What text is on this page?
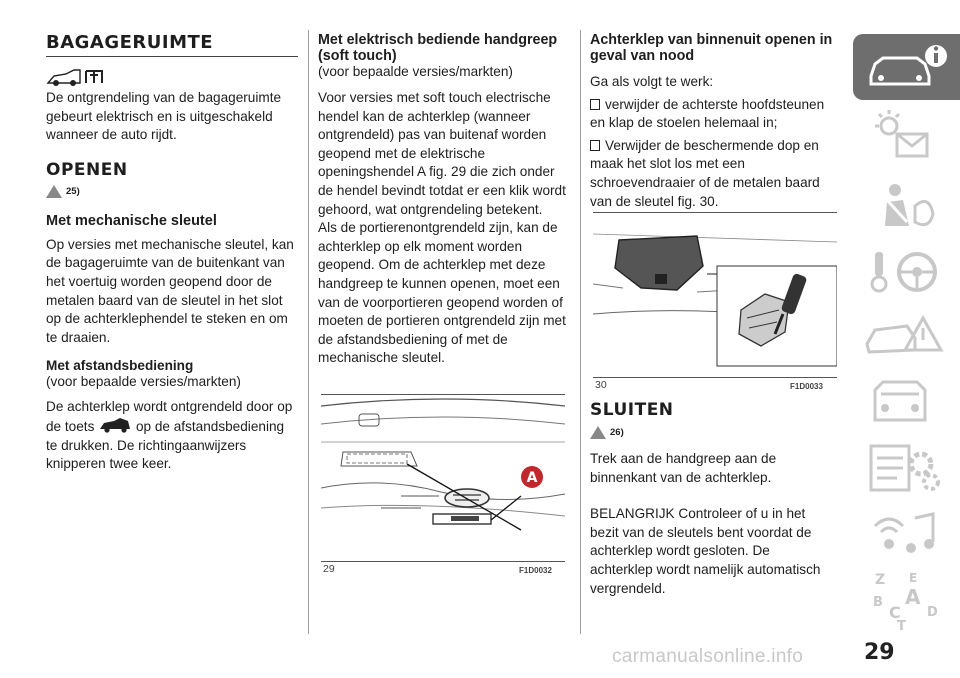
BAGAGERUIMTE

De ontgrendeling van de bagageruimte gebeurt elektrisch en is uitgeschakeld wanneer de auto rijdt.

OPENEN
25)
Met mechanische sleutel

Op versies met mechanische sleutel, kan de bagageruimte van de buitenkant van het voertuig worden geopend door de metalen baard van de sleutel in het slot op de achterklephendel te steken en om te draaien.

Met afstandsbediening
(voor bepaalde versies/markten)

De achterklep wordt ontgrendeld door op de toets	op de afstandsbediening te drukken. De richtingaanwijzers knipperen twee keer.

Met elektrisch bediende handgreep (soft touch)
(voor bepaalde versies/markten)

Voor versies met soft touch electrische hendel kan de achterklep (wanneer ontgrendeld) pas van buitenaf worden geopend met de elektrische openingshendel A fig. 29 die zich onder de hendel bevindt totdat er een klik wordt gehoord, wat ontgrendeling betekent.

Als de portierenontgrendeld zijn, kan de achterklep op elk moment worden geopend. Om de achterklep met deze handgreep te kunnen openen, moet een van de voorportieren geopend worden of moeten de portieren ontgrendeld zijn met de afstandsbediening of met de mechanische sleutel.

A
29	F1D0032
Achterklep van binnenuit openen in geval van nood

Ga als volgt te werk:

verwijder de achterste hoofdsteunen en klap de stoelen helemaal in;

Verwijder de beschermende dop en maak het slot los met een schroevendraaier of de metalen baard van de sleutel fig. 30.

30	F1D0033
SLUITEN
26)

Trek aan de handgreep aan de binnenkant van de achterklep.

BELANGRIJK Controleer of u in het bezit van de sleutels bent voordat de achterklep wordt gesloten. De achterklep wordt namelijk automatisch vergrendeld.

Z E
A
B
C D
T
29
carmanualsonline.info
